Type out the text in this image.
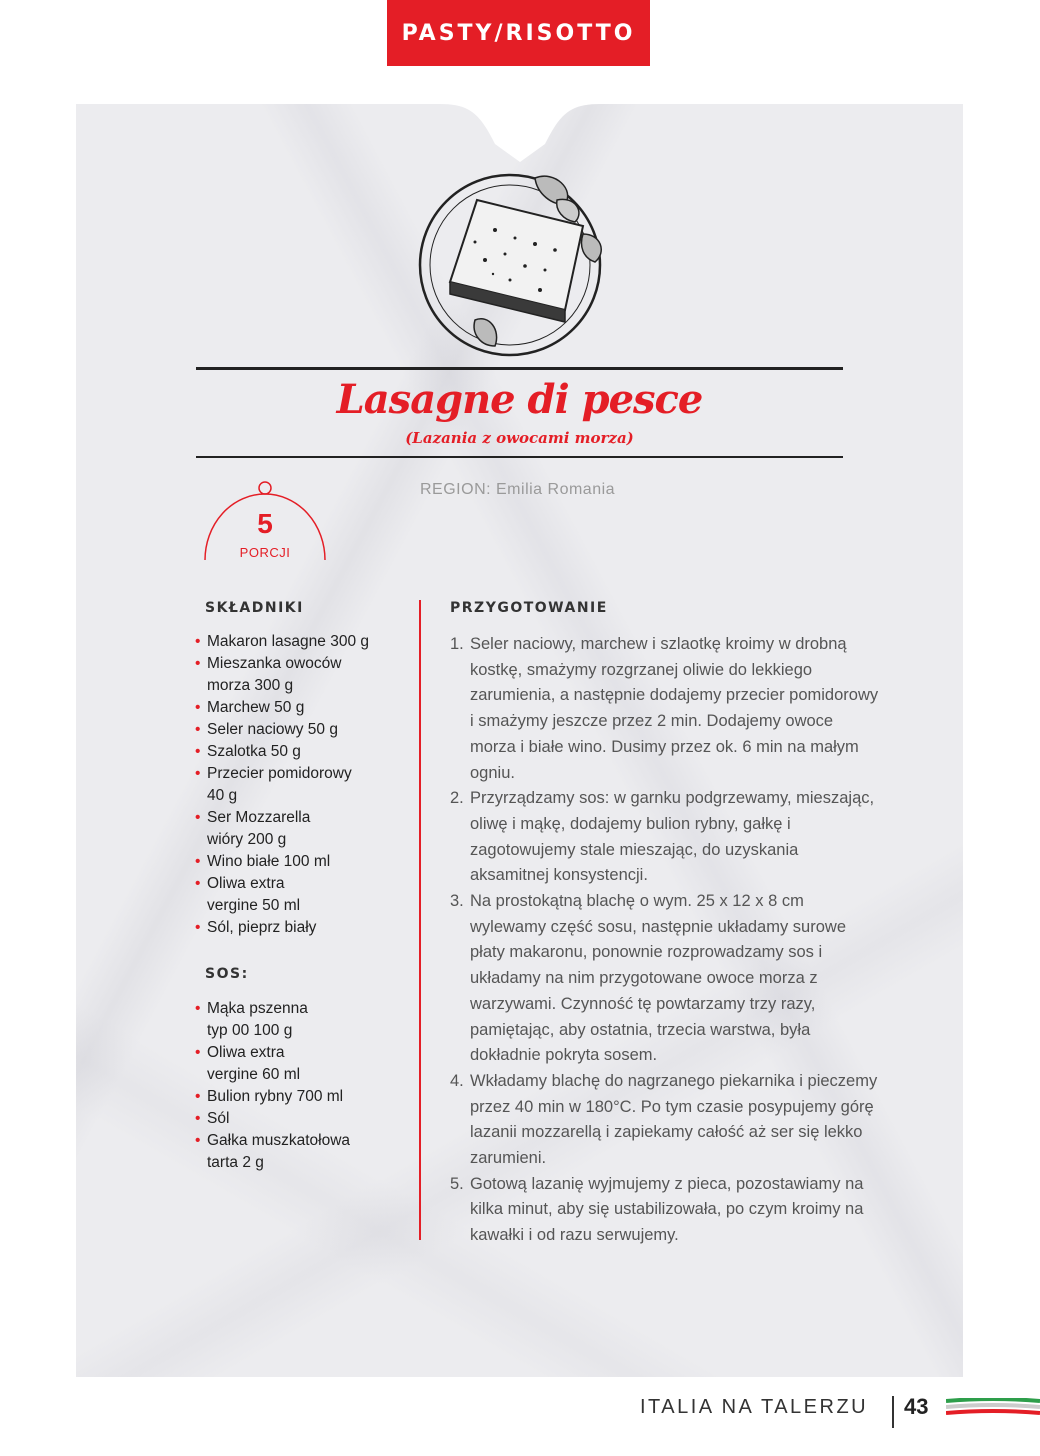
PASTY/RISOTTO
Lasagne di pesce

(Lazania z owocami morza)

REGION: Emilia Romania
5
PORCJI
SKŁADNIKI
• Makaron lasagne 300 g
• Mieszanka owoców morza 300 g
• Marchew 50 g
• Seler naciowy 50 g
• Szalotka 50 g
• Przecier pomidorowy 40 g
• Ser Mozzarella wióry 200 g
• Wino białe 100 ml
• Oliwa extra vergine 50 ml
• Sól, pieprz biały
SOS:
• Mąka pszenna typ 00 100 g
• Oliwa extra vergine 60 ml
• Bulion rybny 700 ml
• Sól
• Gałka muszkatołowa tarta 2 g
PRZYGOTOWANIE
1. Seler naciowy, marchew i szlaotkę kroimy w drobną kostkę, smażymy rozgrzanej oliwie do lekkiego zarumienia, a następnie dodajemy przecier pomidorowy i smażymy jeszcze przez 2 min. Dodajemy owoce morza i białe wino. Dusimy przez ok. 6 min na małym ogniu.
2. Przyrządzamy sos: w garnku podgrzewamy, mieszając, oliwę i mąkę, dodajemy bulion rybny, gałkę i zagotowujemy stale mieszając, do uzyskania aksamitnej konsystencji.
3. Na prostokątną blachę o wym. 25 x 12 x 8 cm wylewamy część sosu, następnie układamy surowe płaty makaronu, ponownie rozprowadzamy sos i układamy na nim przygotowane owoce morza z warzywami. Czynność tę powtarzamy trzy razy, pamiętając, aby ostatnia, trzecia warstwa, była dokładnie pokryta sosem.
4. Wkładamy blachę do nagrzanego piekarnika i pieczemy przez 40 min w 180°C. Po tym czasie posypujemy górę lazanii mozzarellą i zapiekamy całość aż ser się lekko zarumieni.
5. Gotową lazanię wyjmujemy z pieca, pozostawiamy na kilka minut, aby się ustabilizowała, po czym kroimy na kawałki i od razu serwujemy.
ITALIA NA TALERZU 43
